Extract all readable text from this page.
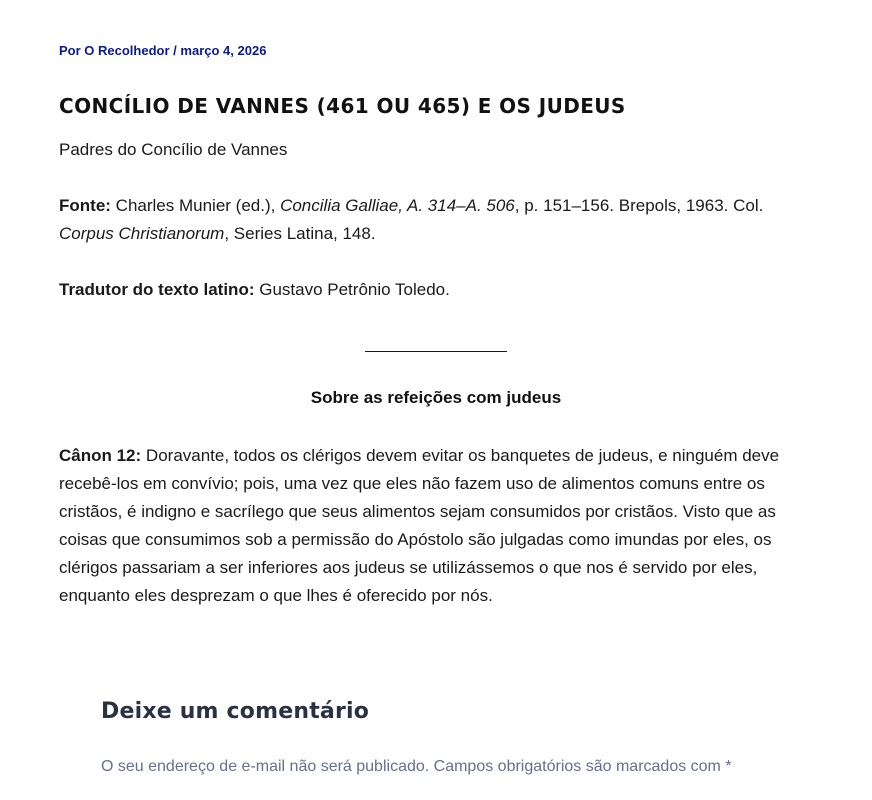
Por O Recolhedor / março 4, 2026
CONCÍLIO DE VANNES (461 OU 465) E OS JUDEUS

Padres do Concílio de Vannes

Fonte: Charles Munier (ed.), Concilia Galliae, A. 314–A. 506, p. 151–156. Brepols, 1963. Col. Corpus Christianorum, Series Latina, 148.

Tradutor do texto latino: Gustavo Petrônio Toledo.

Sobre as refeições com judeus

Cânon 12: Doravante, todos os clérigos devem evitar os banquetes de judeus, e ninguém deve recebê-los em convívio; pois, uma vez que eles não fazem uso de alimentos comuns entre os cristãos, é indigno e sacrílego que seus alimentos sejam consumidos por cristãos. Visto que as coisas que consumimos sob a permissão do Apóstolo são julgadas como imundas por eles, os clérigos passariam a ser inferiores aos judeus se utilizássemos o que nos é servido por eles, enquanto eles desprezam o que lhes é oferecido por nós.

Deixe um comentário

O seu endereço de e-mail não será publicado. Campos obrigatórios são marcados com *
